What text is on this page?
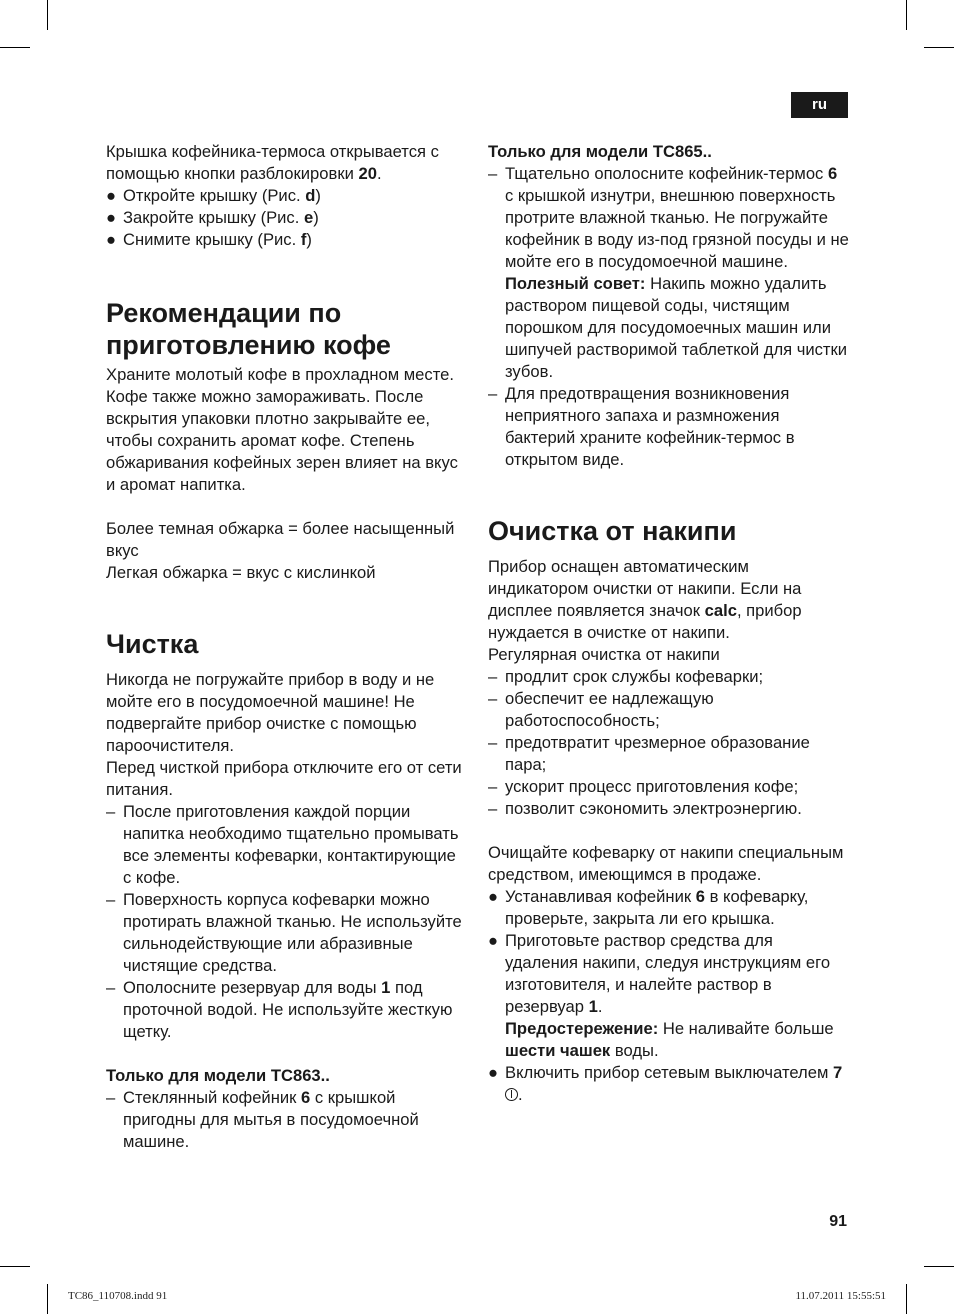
ru

Крышка кофейника-термоса открывается с помощью кнопки разблокировки 20.

● Откройте крышку (Рис. d)
● Закройте крышку (Рис. e)
● Снимите крышку (Рис. f)
Рекомендации по приготовлению кофе

Храните молотый кофе в прохладном месте. Кофе также можно замораживать. После вскрытия упаковки плотно закрывайте ее, чтобы сохранить аромат кофе. Степень обжаривания кофейных зерен влияет на вкус и аромат напитка.

Более темная обжарка = более насыщенный вкус

Легкая обжарка = вкус с кислинкой

Чистка

Никогда не погружайте прибор в воду и не мойте его в посудомоечной машине! Не подвергайте прибор очистке с помощью пароочистителя.

Перед чисткой прибора отключите его от сети питания.

– После приготовления каждой порции напитка необходимо тщательно промывать все элементы кофеварки, контактирующие с кофе.
– Поверхность корпуса кофеварки можно протирать влажной тканью. Не используйте сильнодействующие или абразивные чистящие средства.
– Ополосните резервуар для воды 1 под проточной водой. Не используйте жесткую щетку.

Только для модели TC863..

– Стеклянный кофейник 6 с крышкой пригодны для мытья в посудомоечной машине.

Только для модели TC865..

– Тщательно ополосните кофейник-термос 6 с крышкой изнутри, внешнюю поверхность протрите влажной тканью. Не погружайте кофейник в воду из-под грязной посуды и не мойте его в посудомоечной машине.
Полезный совет: Накипь можно удалить раствором пищевой соды, чистящим порошком для посудомоечных машин или шипучей растворимой таблеткой для чистки зубов.
– Для предотвращения возникновения неприятного запаха и размножения бактерий храните кофейник-термос в открытом виде.
Очистка от накипи

Прибор оснащен автоматическим индикатором очистки от накипи. Если на дисплее появляется значок calc, прибор нуждается в очистке от накипи.

Регулярная очистка от накипи

– продлит срок службы кофеварки;
– обеспечит ее надлежащую работоспособность;
– предотвратит чрезмерное образование пара;
– ускорит процесс приготовления кофе;
– позволит сэкономить электроэнергию.

Очищайте кофеварку от накипи специальным средством, имеющимся в продаже.

● Устанавливая кофейник 6 в кофеварку, проверьте, закрыта ли его крышка.
● Приготовьте раствор средства для удаления накипи, следуя инструкциям его изготовителя, и налейте раствор в резервуар 1.
Предостережение: Не наливайте больше шести чашек воды.
● Включить прибор сетевым выключателем 7 .
91
TC86_110708.indd 91	11.07.2011 15:55:51
